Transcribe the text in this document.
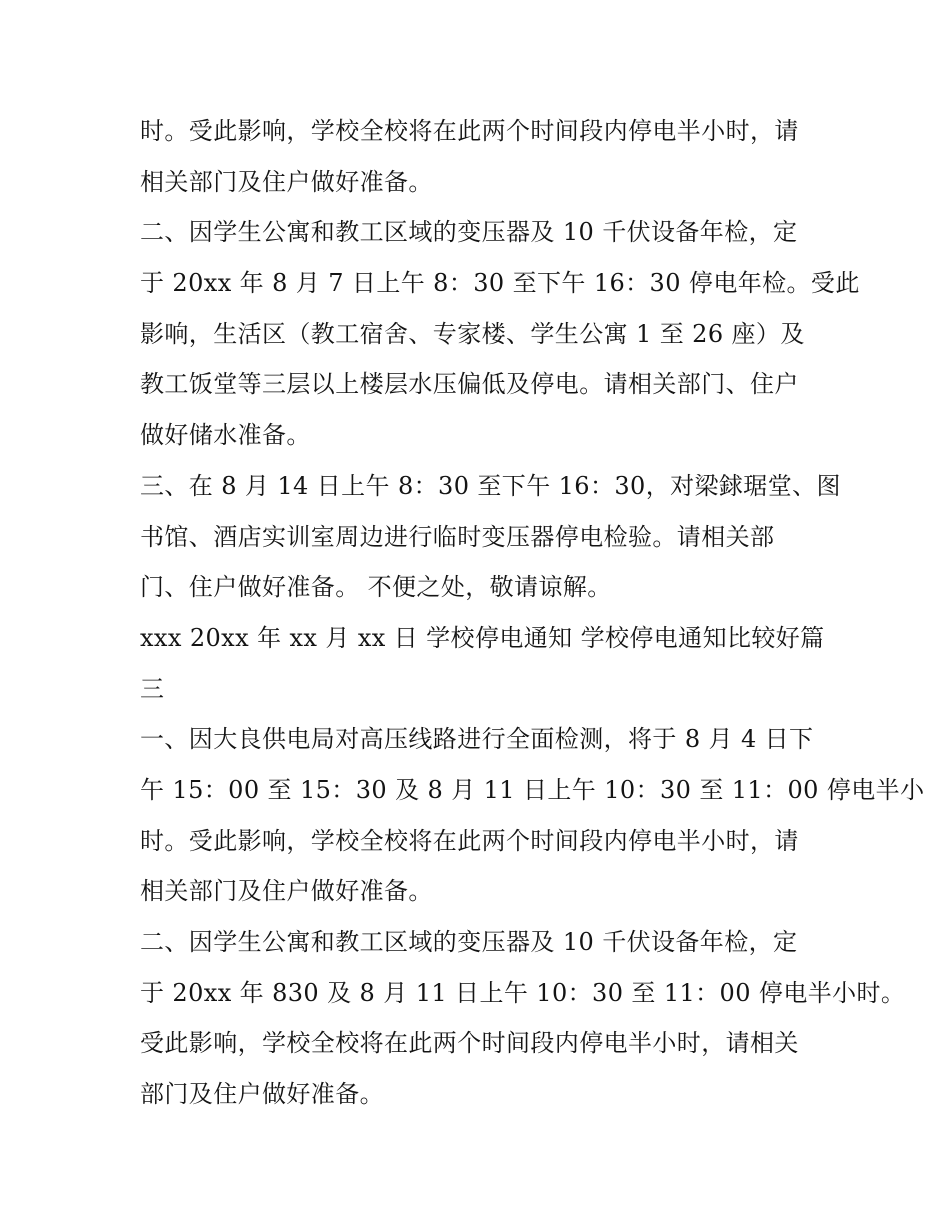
时。受此影响，学校全校将在此两个时间段内停电半小时，请
相关部门及住户做好准备。
二、因学生公寓和教工区域的变压器及 10 千伏设备年检，定
于 20xx 年 8 月 7 日上午 8：30 至下午 16：30 停电年检。受此
影响，生活区（教工宿舍、专家楼、学生公寓 1 至 26 座）及
教工饭堂等三层以上楼层水压偏低及停电。请相关部门、住户
做好储水准备。
三、在 8 月 14 日上午 8：30 至下午 16：30，对梁銶琚堂、图
书馆、酒店实训室周边进行临时变压器停电检验。请相关部
门、住户做好准备。 不便之处，敬请谅解。
xxx 20xx 年 xx 月 xx 日 学校停电通知 学校停电通知比较好篇
三
一、因大良供电局对高压线路进行全面检测，将于 8 月 4 日下
午 15：00 至 15：30 及 8 月 11 日上午 10：30 至 11：00 停电半小
时。受此影响，学校全校将在此两个时间段内停电半小时，请
相关部门及住户做好准备。
二、因学生公寓和教工区域的变压器及 10 千伏设备年检，定
于 20xx 年 830 及 8 月 11 日上午 10：30 至 11：00 停电半小时。
受此影响，学校全校将在此两个时间段内停电半小时，请相关
部门及住户做好准备。
